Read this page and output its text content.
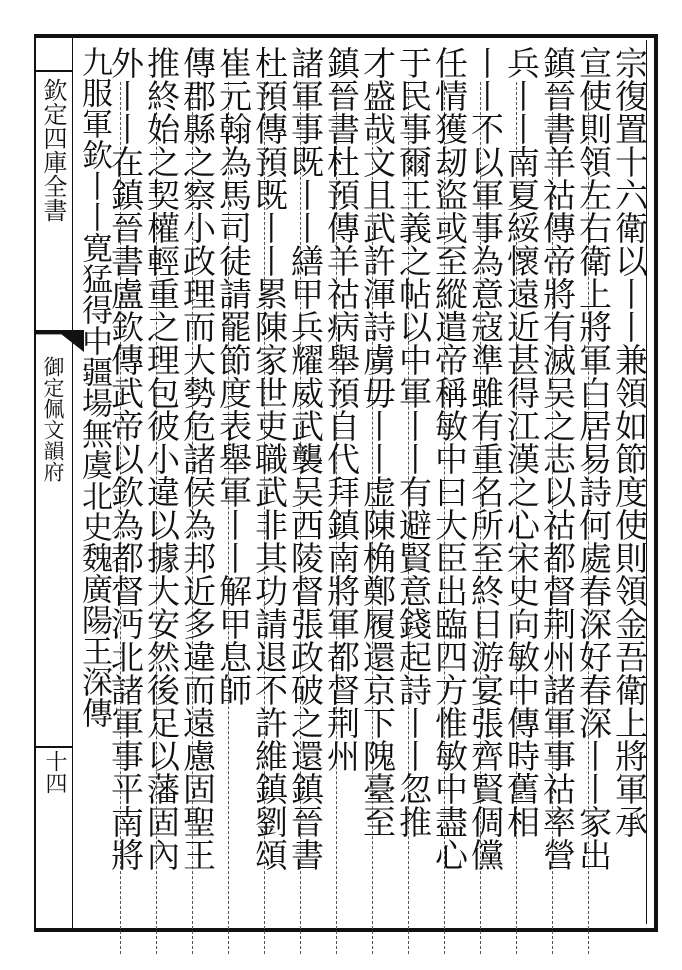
欽定四庫全書
御定佩文韻府
十四	宗復置十六衛以丨丨兼領如節度使則領金吾衛上將軍承
宣使則領左右衛上將軍白居易詩何處春深好春深丨丨家出
鎮晉書羊祜傳帝將有滅吴之志以祜都督荆州諸軍事祜率營
兵丨丨南夏綏懷遠近甚得江漢之心宋史向敏中傳時舊相
丨丨不以軍事為意寇準雖有重名所至終日游宴張齊賢倜儻
任情獲刼盜或至縱遣帝稱敏中曰大臣出臨四方惟敏中盡心
于民事爾王義之帖以中軍丨丨有避賢意錢起詩丨丨忽推
才盛哉文且武許渾詩虜毋丨丨虚陳桷鄭履還京下隗臺至
鎮晉書杜預傳羊祜病舉預自代拜鎮南將軍都督荆州
諸軍事既丨丨繕甲兵耀威武襲吴西陵督張政破之還鎮晉書
杜預傳預既丨丨累陳家世吏職武非其功請退不許維鎮劉頌
崔元翰為馬司徒請罷節度表舉軍丨丨解甲息師
傳郡縣之察小政理而大勢危諸侯為邦近多違而遠慮固聖王
推終始之契權輕重之理包彼小違以據大安然後足以藩固內
外丨丨在鎮晉書盧欽傳武帝以欽為都督沔北諸軍事平南將
九服軍欽丨丨寛猛得中疆場無虞北史魏廣陽王深傳
